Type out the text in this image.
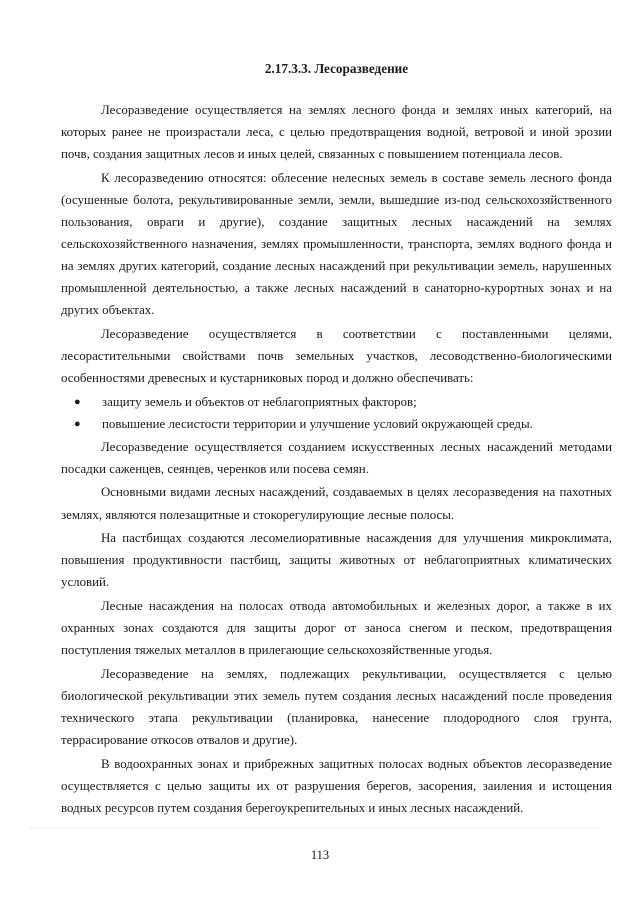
2.17.3.3. Лесоразведение

Лесоразведение осуществляется на землях лесного фонда и землях иных категорий, на которых ранее не произрастали леса, с целью предотвращения водной, ветровой и иной эрозии почв, создания защитных лесов и иных целей, связанных с повышением потенциала лесов.

К лесоразведению относятся: облесение нелесных земель в составе земель лесного фонда (осушенные болота, рекультивированные земли, земли, вышедшие из-под сельскохозяйственного пользования, овраги и другие), создание защитных лесных насаждений на землях сельскохозяйственного назначения, землях промышленности, транспорта, землях водного фонда и на землях других категорий, создание лесных насаждений при рекультивации земель, нарушенных промышленной деятельностью, а также лесных насаждений в санаторно-курортных зонах и на других объектах.

Лесоразведение осуществляется в соответствии с поставленными целями, лесорастительными свойствами почв земельных участков, лесоводственно-биологическими особенностями древесных и кустарниковых пород и должно обеспечивать:

● защиту земель и объектов от неблагоприятных факторов;
● повышение лесистости территории и улучшение условий окружающей среды.

Лесоразведение осуществляется созданием искусственных лесных насаждений методами посадки саженцев, сеянцев, черенков или посева семян.

Основными видами лесных насаждений, создаваемых в целях лесоразведения на пахотных землях, являются полезащитные и стокорегулирующие лесные полосы.

На пастбищах создаются лесомелиоративные насаждения для улучшения микроклимата, повышения продуктивности пастбищ, защиты животных от неблагоприятных климатических условий.

Лесные насаждения на полосах отвода автомобильных и железных дорог, а также в их охранных зонах создаются для защиты дорог от заноса снегом и песком, предотвращения поступления тяжелых металлов в прилегающие сельскохозяйственные угодья.

Лесоразведение на землях, подлежащих рекультивации, осуществляется с целью биологической рекультивации этих земель путем создания лесных насаждений после проведения технического этапа рекультивации (планировка, нанесение плодородного слоя грунта, террасирование откосов отвалов и другие).

В водоохранных зонах и прибрежных защитных полосах водных объектов лесоразведение осуществляется с целью защиты их от разрушения берегов, засорения, заиления и истощения водных ресурсов путем создания берегоукрепительных и иных лесных насаждений.

113
